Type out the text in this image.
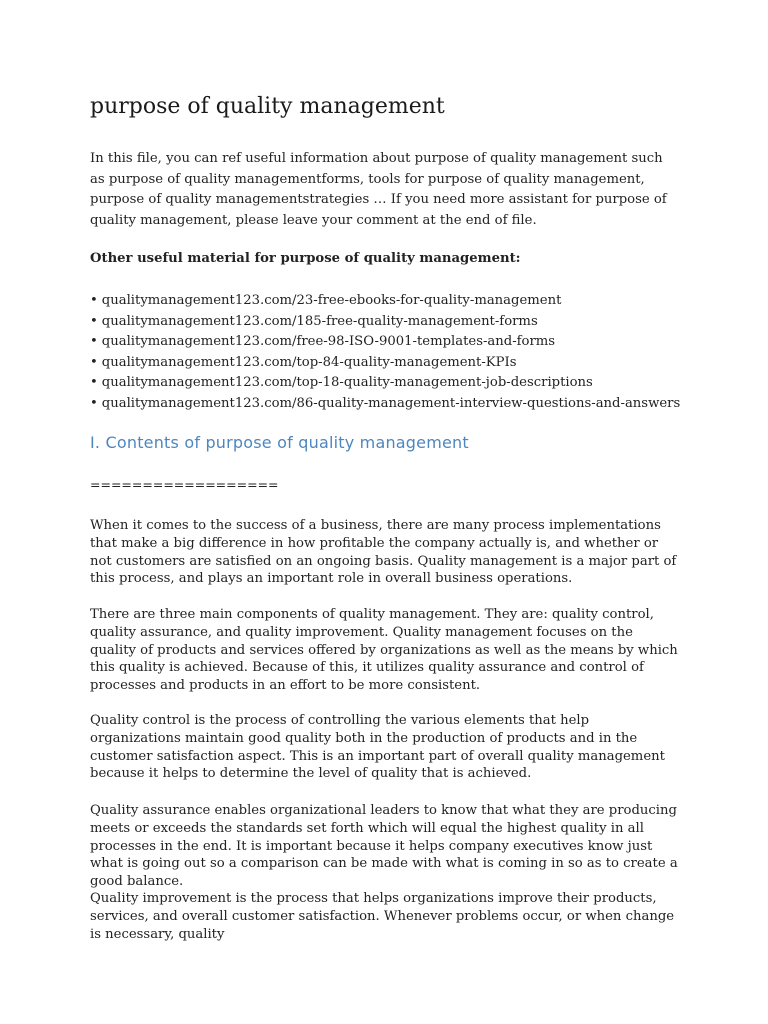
purpose of quality management

In this file, you can ref useful information about purpose of quality management such as purpose of quality managementforms, tools for purpose of quality management, purpose of quality managementstrategies … If you need more assistant for purpose of quality management, please leave your comment at the end of file.

Other useful material for purpose of quality management:

• qualitymanagement123.com/23-free-ebooks-for-quality-management
• qualitymanagement123.com/185-free-quality-management-forms
• qualitymanagement123.com/free-98-ISO-9001-templates-and-forms
• qualitymanagement123.com/top-84-quality-management-KPIs
• qualitymanagement123.com/top-18-quality-management-job-descriptions
• qualitymanagement123.com/86-quality-management-interview-questions-and-answers
I. Contents of purpose of quality management

==================

When it comes to the success of a business, there are many process implementations that make a big difference in how profitable the company actually is, and whether or not customers are satisfied on an ongoing basis. Quality management is a major part of this process, and plays an important role in overall business operations.

There are three main components of quality management. They are: quality control, quality assurance, and quality improvement. Quality management focuses on the quality of products and services offered by organizations as well as the means by which this quality is achieved. Because of this, it utilizes quality assurance and control of processes and products in an effort to be more consistent.

Quality control is the process of controlling the various elements that help organizations maintain good quality both in the production of products and in the customer satisfaction aspect. This is an important part of overall quality management because it helps to determine the level of quality that is achieved.

Quality assurance enables organizational leaders to know that what they are producing meets or exceeds the standards set forth which will equal the highest quality in all processes in the end. It is important because it helps company executives know just what is going out so a comparison can be made with what is coming in so as to create a good balance.

Quality improvement is the process that helps organizations improve their products, services, and overall customer satisfaction. Whenever problems occur, or when change is necessary, quality
